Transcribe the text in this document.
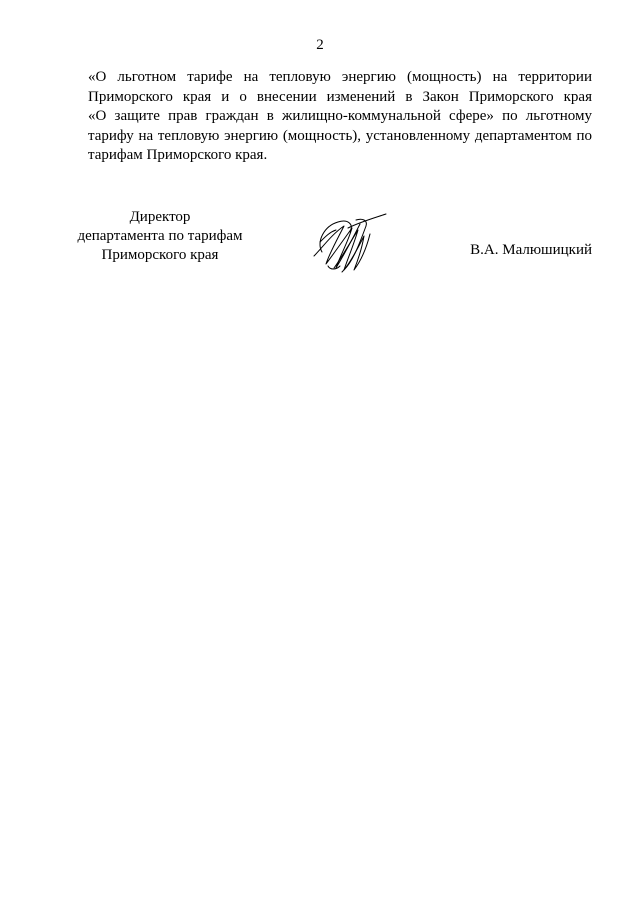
2

«О льготном тарифе на тепловую энергию (мощность) на территории
Приморского края и о внесении изменений в Закон Приморского края
«О защите прав граждан в жилищно-коммунальной сфере» по льготному
тарифу на тепловую энергию (мощность), установленному департаментом по
тарифам Приморского края.

Директор
департамента по тарифам
Приморского края	В.А. Малюшицкий
